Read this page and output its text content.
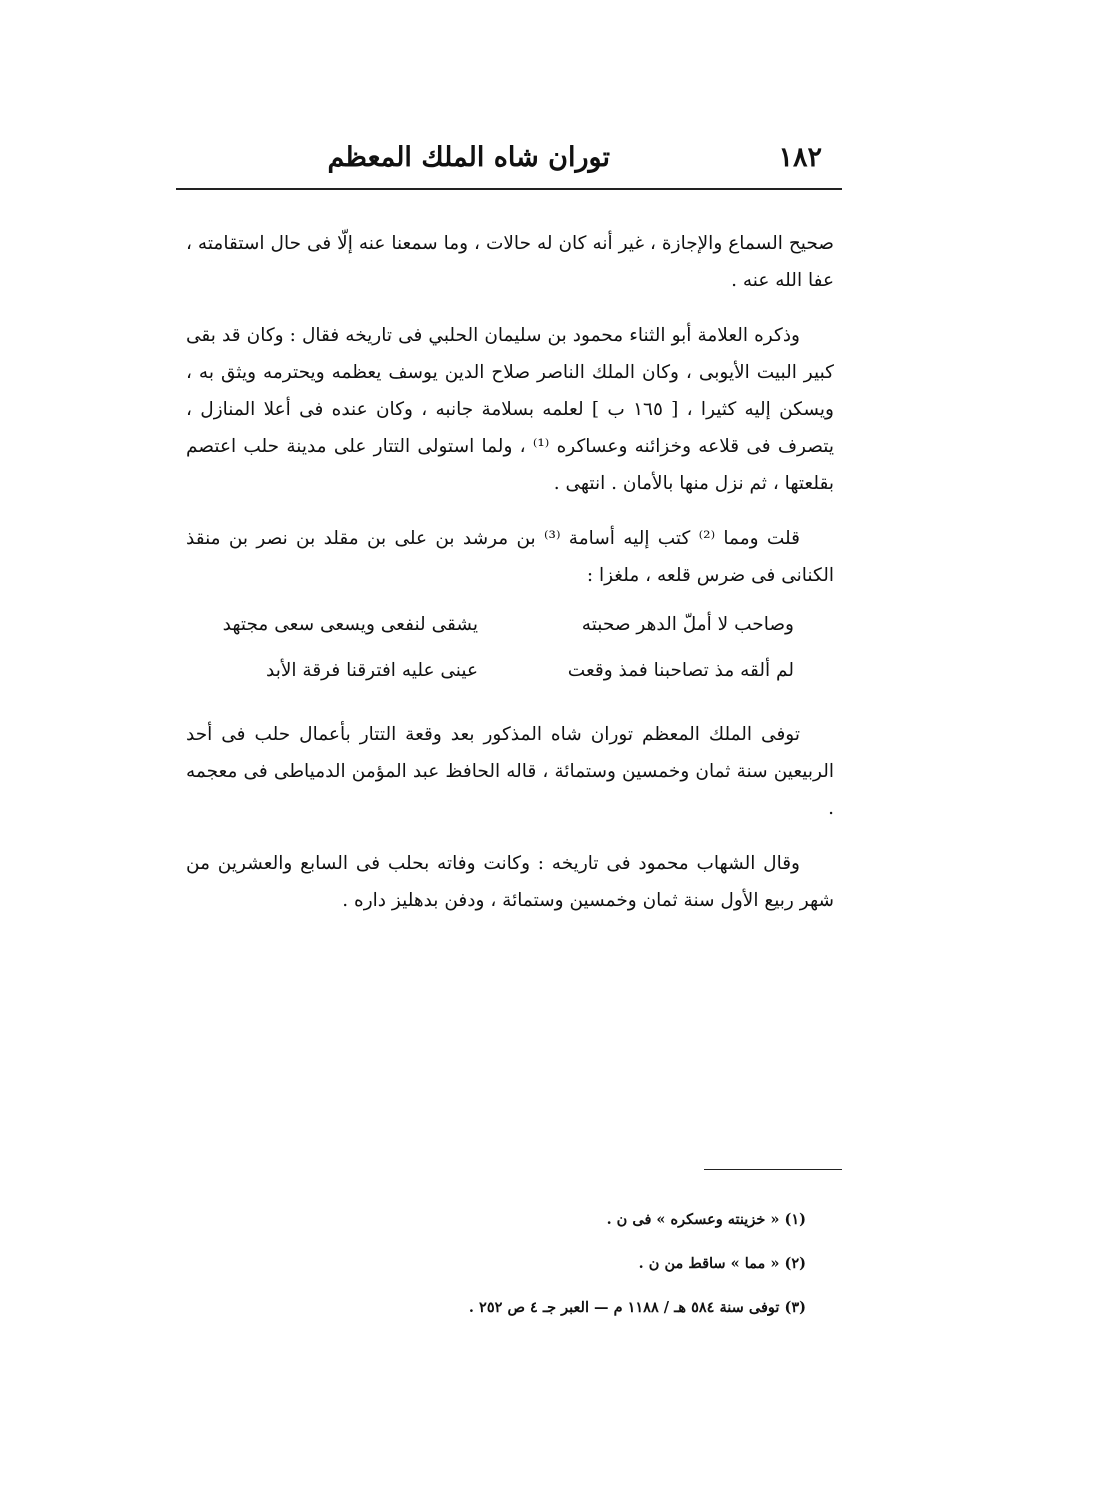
١٨٢
توران شاه الملك المعظم

صحيح السماع والإجازة ، غير أنه كان له حالات ، وما سمعنا عنه إلّا فى حال استقامته ، عفا الله عنه .

وذكره العلامة أبو الثناء محمود بن سليمان الحلبي فى تاريخه فقال : وكان قد بقى كبير البيت الأيوبى ، وكان الملك الناصر صلاح الدين يوسف يعظمه ويحترمه ويثق به ، ويسكن إليه كثيرا ، [ ١٦٥ ب ] لعلمه بسلامة جانبه ، وكان عنده فى أعلا المنازل ، يتصرف فى قلاعه وخزائنه وعساكره ⁽¹⁾ ، ولما استولى التتار على مدينة حلب اعتصم بقلعتها ، ثم نزل منها بالأمان . انتهى .

قلت ومما ⁽²⁾ كتب إليه أسامة ⁽³⁾ بن مرشد بن على بن مقلد بن نصر بن منقذ الكنانى فى ضرس قلعه ، ملغزا :

وصاحب لا أملّ الدهر صحبته
يشقى لنفعى ويسعى سعى مجتهد
لم ألقه مذ تصاحبنا فمذ وقعت
عينى عليه افترقنا فرقة الأبد

توفى الملك المعظم توران شاه المذكور بعد وقعة التتار بأعمال حلب فى أحد الربيعين سنة ثمان وخمسين وستمائة ، قاله الحافظ عبد المؤمن الدمياطى فى معجمه .

وقال الشهاب محمود فى تاريخه : وكانت وفاته بحلب فى السابع والعشرين من شهر ربيع الأول سنة ثمان وخمسين وستمائة ، ودفن بدهليز داره .

(١) « خزينته وعسكره » فى ن .
(٢) « مما » ساقط من ن .
(٣) توفى سنة ٥٨٤ هـ / ١١٨٨ م — العبر جـ ٤ ص ٢٥٢ .
